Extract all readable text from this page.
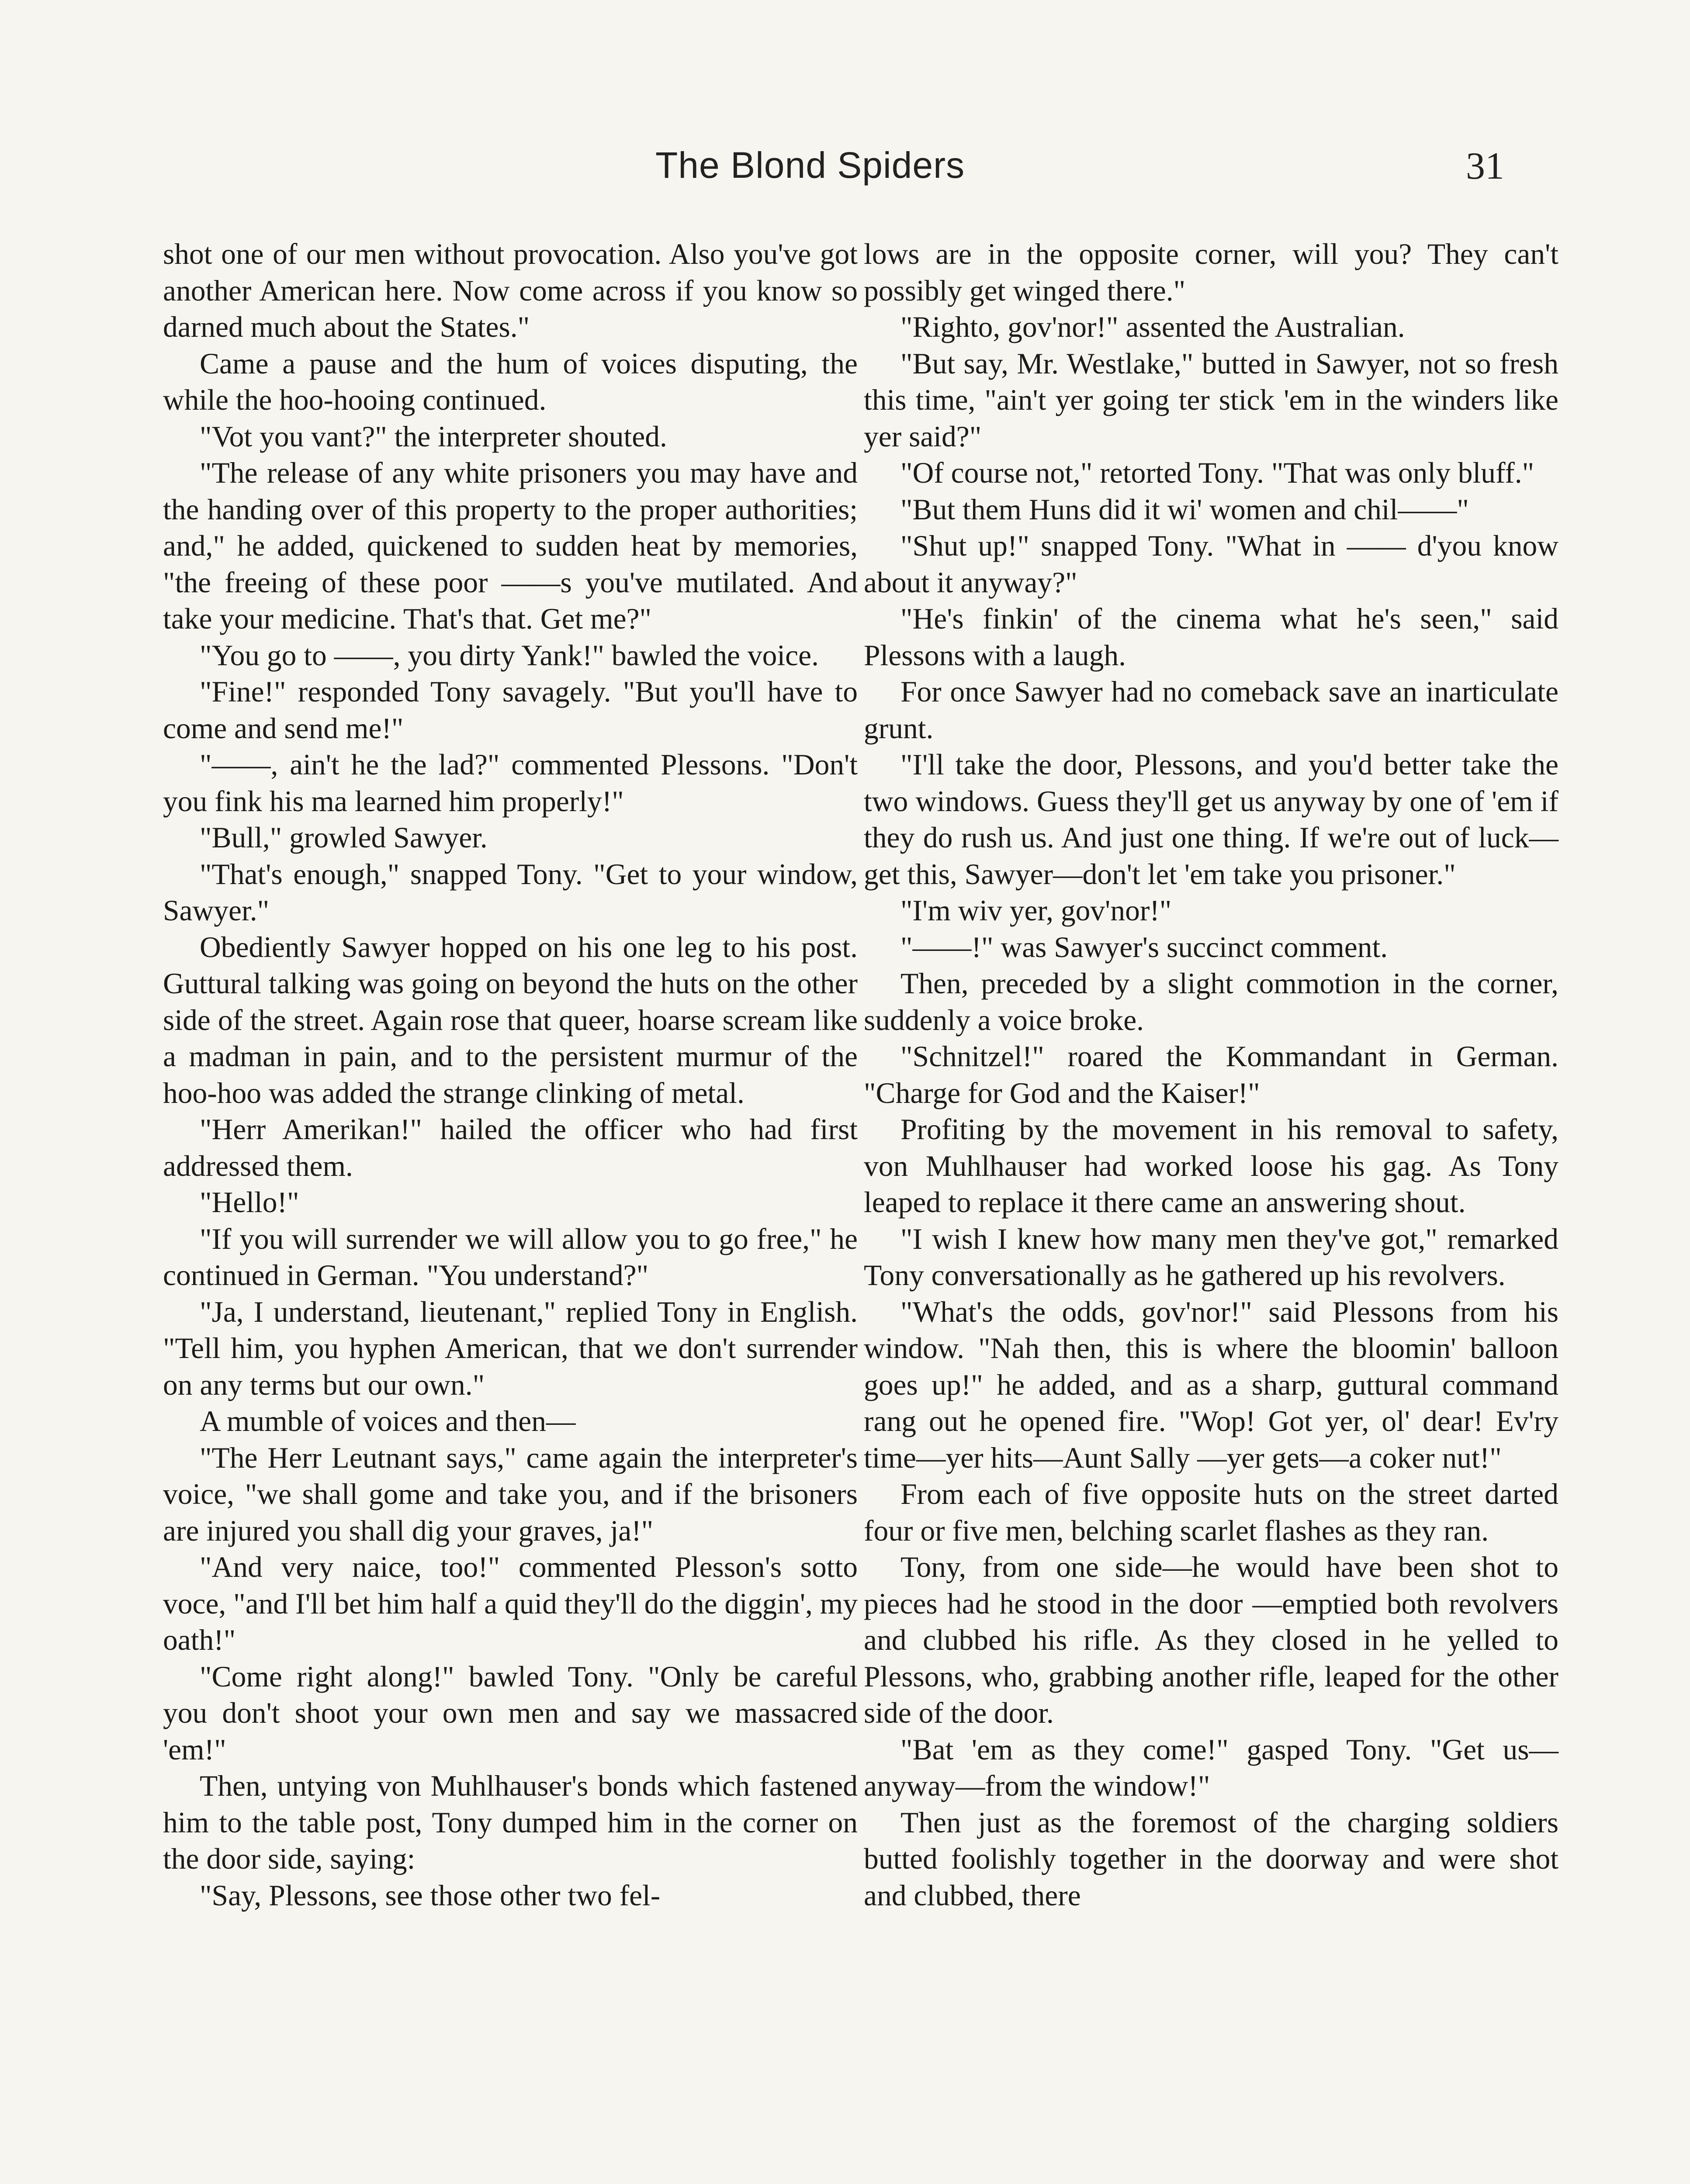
The Blond Spiders	31

shot one of our men without provocation. Also you've got another American here. Now come across if you know so darned much about the States."

Came a pause and the hum of voices disputing, the while the hoo-hooing continued.

"Vot you vant?" the interpreter shouted.

"The release of any white prisoners you may have and the handing over of this property to the proper authorities; and," he added, quickened to sudden heat by memories, "the freeing of these poor ——s you've mutilated. And take your medicine. That's that. Get me?"

"You go to ——, you dirty Yank!" bawled the voice.

"Fine!" responded Tony savagely. "But you'll have to come and send me!"

"——, ain't he the lad?" commented Plessons. "Don't you fink his ma learned him properly!"

"Bull," growled Sawyer.

"That's enough," snapped Tony. "Get to your window, Sawyer."

Obediently Sawyer hopped on his one leg to his post. Guttural talking was going on beyond the huts on the other side of the street. Again rose that queer, hoarse scream like a madman in pain, and to the persistent murmur of the hoo-hoo was added the strange clinking of metal.

"Herr Amerikan!" hailed the officer who had first addressed them.

"Hello!"

"If you will surrender we will allow you to go free," he continued in German. "You understand?"

"Ja, I understand, lieutenant," replied Tony in English. "Tell him, you hyphen American, that we don't surrender on any terms but our own."

A mumble of voices and then—

"The Herr Leutnant says," came again the interpreter's voice, "we shall gome and take you, and if the brisoners are injured you shall dig your graves, ja!"

"And very naice, too!" commented Plesson's sotto voce, "and I'll bet him half a quid they'll do the diggin', my oath!"

"Come right along!" bawled Tony. "Only be careful you don't shoot your own men and say we massacred 'em!"

Then, untying von Muhlhauser's bonds which fastened him to the table post, Tony dumped him in the corner on the door side, saying:

"Say, Plessons, see those other two fel-

lows are in the opposite corner, will you? They can't possibly get winged there."

"Righto, gov'nor!" assented the Australian.

"But say, Mr. Westlake," butted in Sawyer, not so fresh this time, "ain't yer going ter stick 'em in the winders like yer said?"

"Of course not," retorted Tony. "That was only bluff."

"But them Huns did it wi' women and chil——"

"Shut up!" snapped Tony. "What in —— d'you know about it anyway?"

"He's finkin' of the cinema what he's seen," said Plessons with a laugh.

For once Sawyer had no comeback save an inarticulate grunt.

"I'll take the door, Plessons, and you'd better take the two windows. Guess they'll get us anyway by one of 'em if they do rush us. And just one thing. If we're out of luck—get this, Sawyer—don't let 'em take you prisoner."

"I'm wiv yer, gov'nor!"

"——!" was Sawyer's succinct comment.

Then, preceded by a slight commotion in the corner, suddenly a voice broke.

"Schnitzel!" roared the Kommandant in German. "Charge for God and the Kaiser!"

Profiting by the movement in his removal to safety, von Muhlhauser had worked loose his gag. As Tony leaped to replace it there came an answering shout.

"I wish I knew how many men they've got," remarked Tony conversationally as he gathered up his revolvers.

"What's the odds, gov'nor!" said Plessons from his window. "Nah then, this is where the bloomin' balloon goes up!" he added, and as a sharp, guttural command rang out he opened fire. "Wop! Got yer, ol' dear! Ev'ry time—yer hits—Aunt Sally —yer gets—a coker nut!"

From each of five opposite huts on the street darted four or five men, belching scarlet flashes as they ran.

Tony, from one side—he would have been shot to pieces had he stood in the door —emptied both revolvers and clubbed his rifle. As they closed in he yelled to Plessons, who, grabbing another rifle, leaped for the other side of the door.

"Bat 'em as they come!" gasped Tony. "Get us—anyway—from the window!"

Then just as the foremost of the charging soldiers butted foolishly together in the doorway and were shot and clubbed, there
